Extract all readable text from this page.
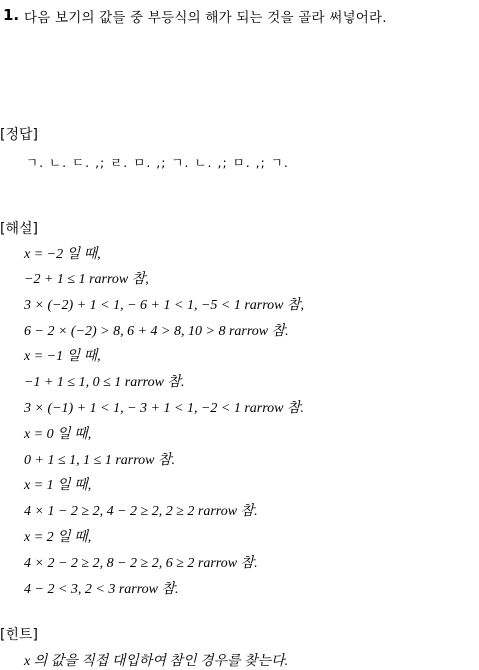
1. 다음 보기의 값들 중 부등식의 해가 되는 것을 골라 써넣어라.
[정답]
ㄱ. ㄴ. ㄷ. ,; ㄹ. ㅁ. ,; ㄱ. ㄴ. ,; ㅁ. ,; ㄱ.
[해설]
x = −2 일 때,
−2 + 1 ≤ 1 rarrow 참,
3 × (−2) + 1 < 1, − 6 + 1 < 1, −5 < 1 rarrow 참,
6 − 2 × (−2) > 8, 6 + 4 > 8, 10 > 8 rarrow 참.
x = −1 일 때,
−1 + 1 ≤ 1, 0 ≤ 1 rarrow 참.
3 × (−1) + 1 < 1, − 3 + 1 < 1, −2 < 1 rarrow 참.
x = 0 일 때,
0 + 1 ≤ 1, 1 ≤ 1 rarrow 참.
x = 1 일 때,
4 × 1 − 2 ≥ 2, 4 − 2 ≥ 2, 2 ≥ 2 rarrow 참.
x = 2 일 때,
4 × 2 − 2 ≥ 2, 8 − 2 ≥ 2, 6 ≥ 2 rarrow 참.
4 − 2 < 3, 2 < 3 rarrow 참.
[힌트]
x 의 값을 직접 대입하여 참인 경우를 찾는다.
